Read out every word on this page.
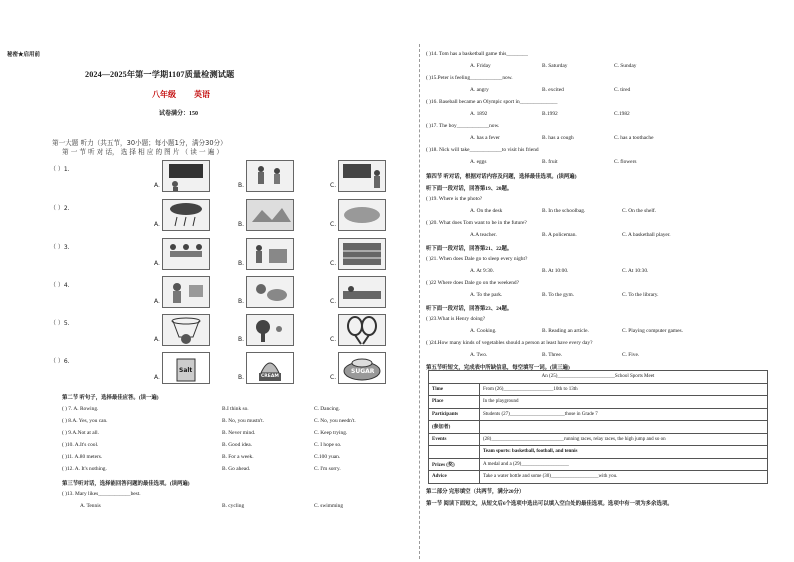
秘密★启用前
2024—2025年第一学期1107质量检测试题
八年级 英语
试卷满分：150
第一大题 听力（共五节，30小题；每小题1分，满分30分）
第 一 节 听 对 话， 选 择 相 应 的 图 片 （ 读 一 遍 ）
（ ）1.
A.	B.	C.
（ ）2.
A.	B.	C.
（ ）3.
A.	B.	C.
（ ）4.
A.	B.	C.
（ ）5.
A.	B.	C.
（ ）6.
A.
Salt
B.	CREAM	C.
SUGAR
第二节 听句子，选择最佳应答。(读一遍)
( ) 7. A. Rowing.	B.I think so.	C. Dancing.
( ) 8.A. Yes, you can.	B. No, you mustn't.	C. No, you needn't.
( ) 9.A.Not at all.	B. Never mind.	C. Keep trying.
( )10. A.It's cool.	B. Good idea.	C. I hope so.
( )11. A.80 meters.	B. For a week.	C.100 yuan.
( )12. A. It's nothing.	B. Go ahead.	C. I'm sorry.
第三节听对话，选择能回答问题的最佳选项。(读两遍)
( )13. Mary likes____________best.
A. Tennis	B. cycling	C. swimming
( )14. Tom has a basketball game this________
A. Friday	B. Saturday	C. Sunday
( )15.Peter is feeling____________now.
A. angry	B. excited	C. tired
( )16. Baseball became an Olympic sport in______________
A. 1892	B.1992	C.1982
( )17. The boy____________now.
A. has a fever	B. has a cough	C. has a toothache
( )18. Nick will take____________to visit his friend
A. eggs	B. fruit	C. flowers
第四节 听对话，根据对话内容及问题，选择最佳选项。(读两遍)
听下面一段对话，回答第19、20题。
( )19. Where is the photo?
A. On the desk	B. In the schoolbag.	C. On the shelf.
( )20. What does Tom want to be in the future?
A.A teacher.	B. A policeman.	C. A basketball player.
听下面一段对话，回答第21、22题。
( )21. When does Dale go to sleep every night?
A. At 9:30.	B. At 10:00.	C. At 10:30.
( )22 Where does Dale go on the weekend?
A. To the park.	B. To the gym.	C. To the library.
听下面一段对话，回答第23、24题。
( )23.What is Henry doing?
A. Cooking.	B. Reading an article.	C. Playing computer games.
( )24.How many kinds of vegetables should a person at least have every day?
A. Two.	B. Three.	C. Five.
第五节听短文，完成表中所缺信息，每空填写一词。(读三遍)
An (25)_______________________School Sports Meet	
Time	From (26)____________________10th to 13th
Place	In the playground
Participants	Students (27)______________________those in Grade 7
(参加者)	
Events	(28)_____________________________running races, relay races, the high jump and so on
	Team sports: basketball, football, and tennis
Prizes (奖)	A medal and a (29)___________________
Advice	Take a water bottle and some (30)___________________with you.
第二部分 完形填空（共两节，满分20分）
第一节 阅读下面短文，从短文后6个选项中选出可以填入空白处的最佳选项。选项中有一项为多余选项。
